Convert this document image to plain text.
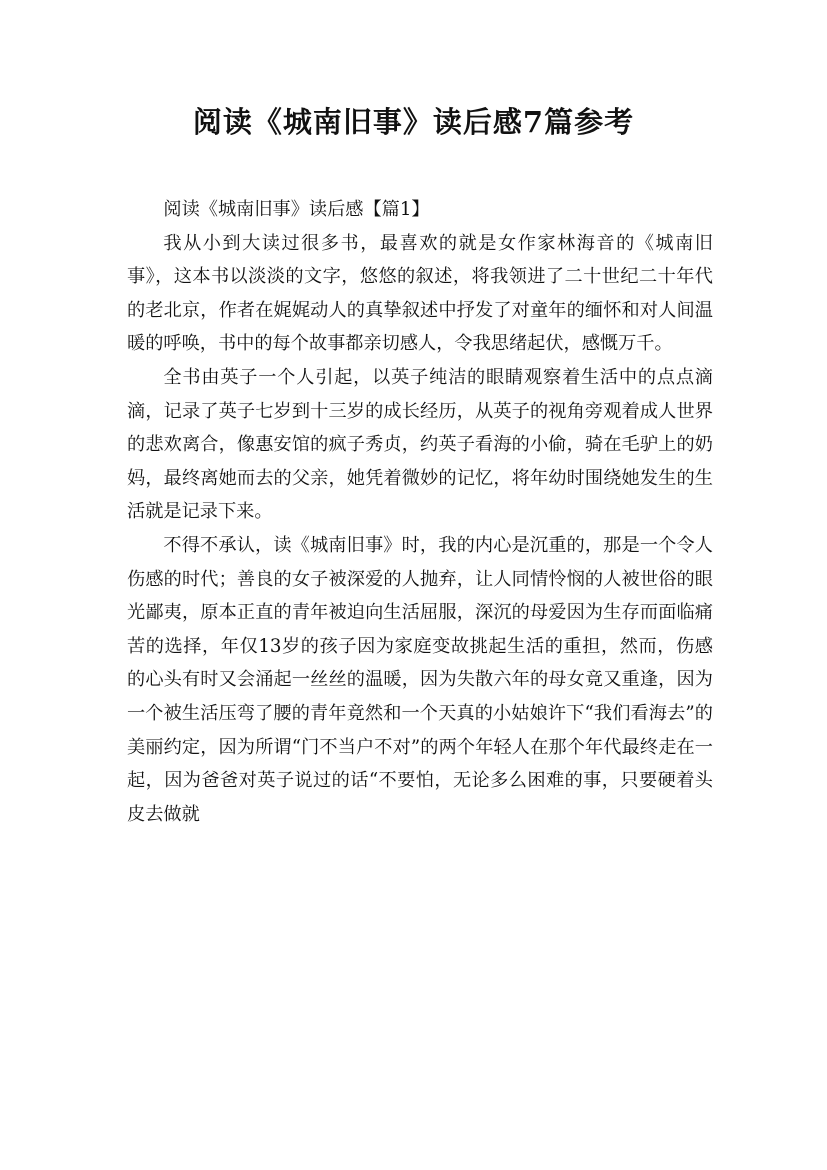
阅读《城南旧事》读后感7篇参考

阅读《城南旧事》读后感【篇1】

我从小到大读过很多书，最喜欢的就是女作家林海音的《城南旧事》，这本书以淡淡的文字，悠悠的叙述，将我领进了二十世纪二十年代的老北京，作者在娓娓动人的真挚叙述中抒发了对童年的缅怀和对人间温暖的呼唤，书中的每个故事都亲切感人，令我思绪起伏，感慨万千。

全书由英子一个人引起，以英子纯洁的眼睛观察着生活中的点点滴滴，记录了英子七岁到十三岁的成长经历，从英子的视角旁观着成人世界的悲欢离合，像惠安馆的疯子秀贞，约英子看海的小偷，骑在毛驴上的奶妈，最终离她而去的父亲，她凭着微妙的记忆，将年幼时围绕她发生的生活就是记录下来。

不得不承认，读《城南旧事》时，我的内心是沉重的，那是一个令人伤感的时代；善良的女子被深爱的人抛弃，让人同情怜悯的人被世俗的眼光鄙夷，原本正直的青年被迫向生活屈服，深沉的母爱因为生存而面临痛苦的选择，年仅13岁的孩子因为家庭变故挑起生活的重担，然而，伤感的心头有时又会涌起一丝丝的温暖，因为失散六年的母女竟又重逢，因为一个被生活压弯了腰的青年竟然和一个天真的小姑娘许下“我们看海去”的美丽约定，因为所谓“门不当户不对”的两个年轻人在那个年代最终走在一起，因为爸爸对英子说过的话“不要怕，无论多么困难的事，只要硬着头皮去做就
